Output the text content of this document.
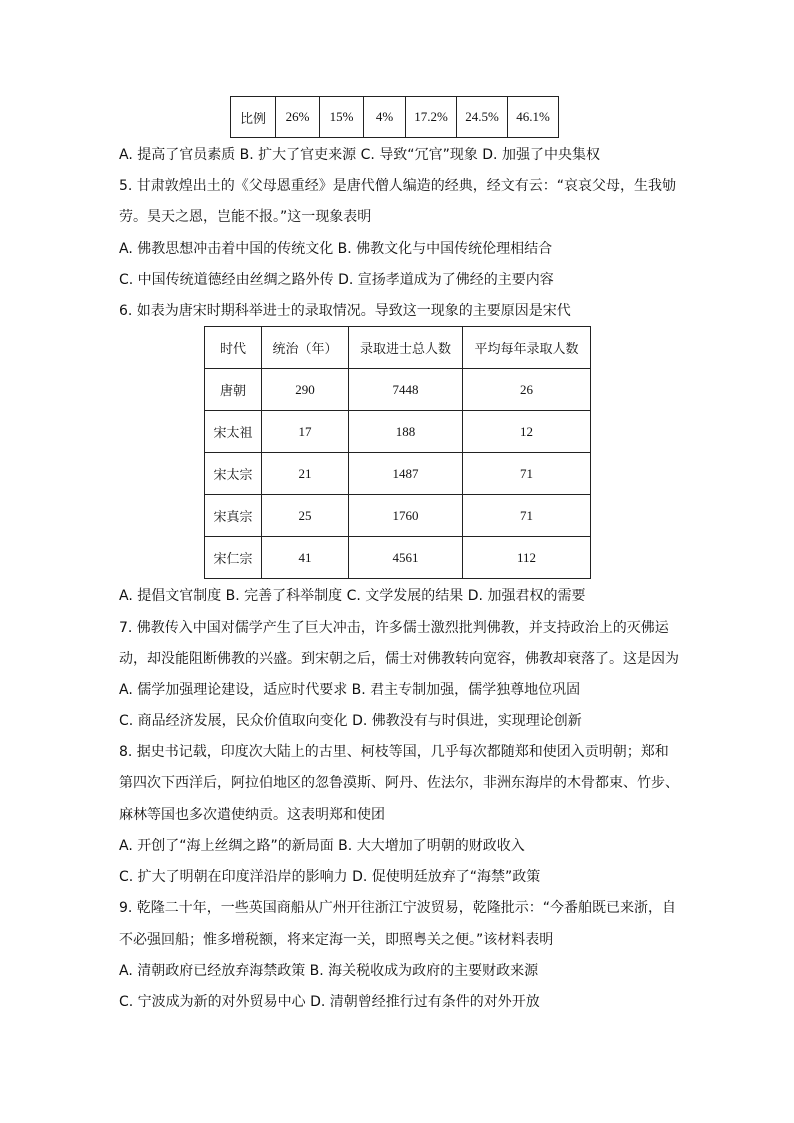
比例	26%	15%	4%	17.2%	24.5%	46.1%
A. 提高了官员素质 B. 扩大了官吏来源 C. 导致“冗官”现象 D. 加强了中央集权
5. 甘肃敦煌出土的《父母恩重经》是唐代僧人编造的经典，经文有云：“哀哀父母，生我劬
劳。昊天之恩，岂能不报。”这一现象表明
A. 佛教思想冲击着中国的传统文化 B. 佛教文化与中国传统伦理相结合
C. 中国传统道德经由丝绸之路外传 D. 宣扬孝道成为了佛经的主要内容
6. 如表为唐宋时期科举进士的录取情况。导致这一现象的主要原因是宋代
时代	统治（年）	录取进士总人数	平均每年录取人数
唐朝	290	7448	26
宋太祖	17	188	12
宋太宗	21	1487	71
宋真宗	25	1760	71
宋仁宗	41	4561	112
A. 提倡文官制度 B. 完善了科举制度 C. 文学发展的结果 D. 加强君权的需要
7. 佛教传入中国对儒学产生了巨大冲击，许多儒士激烈批判佛教，并支持政治上的灭佛运
动，却没能阻断佛教的兴盛。到宋朝之后，儒士对佛教转向宽容，佛教却衰落了。这是因为
A. 儒学加强理论建设，适应时代要求 B. 君主专制加强，儒学独尊地位巩固
C. 商品经济发展，民众价值取向变化 D. 佛教没有与时俱进，实现理论创新
8. 据史书记载，印度次大陆上的古里、柯枝等国，几乎每次都随郑和使团入贡明朝；郑和
第四次下西洋后，阿拉伯地区的忽鲁漠斯、阿丹、佐法尔，非洲东海岸的木骨都束、竹步、
麻林等国也多次遣使纳贡。这表明郑和使团
A. 开创了“海上丝绸之路”的新局面 B. 大大增加了明朝的财政收入
C. 扩大了明朝在印度洋沿岸的影响力 D. 促使明廷放弃了“海禁”政策
9. 乾隆二十年，一些英国商船从广州开往浙江宁波贸易，乾隆批示：“今番舶既已来浙，自
不必强回船；惟多增税额，将来定海一关，即照粤关之便。”该材料表明
A. 清朝政府已经放弃海禁政策 B. 海关税收成为政府的主要财政来源
C. 宁波成为新的对外贸易中心 D. 清朝曾经推行过有条件的对外开放
